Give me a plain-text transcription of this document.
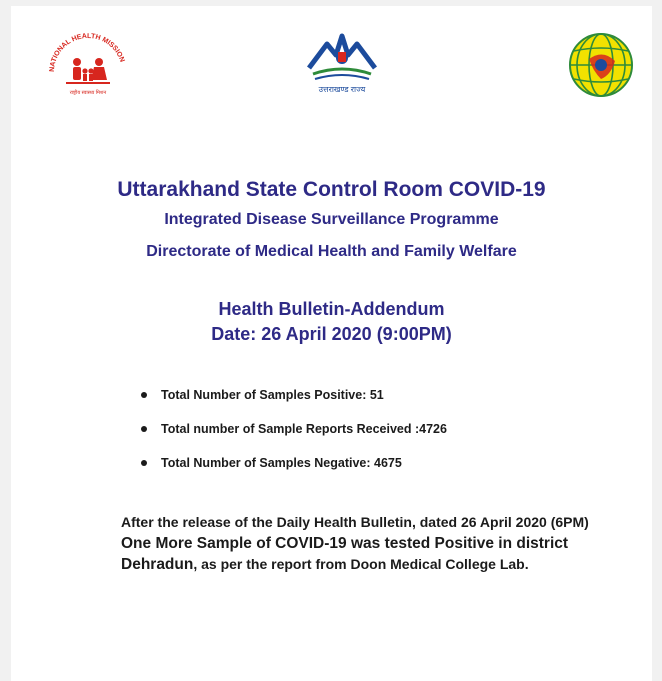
NATIONAL HEALTH MISSION
राष्ट्रीय स्वास्थ्य मिशन	उत्तराखण्ड राज्य
Uttarakhand State Control Room COVID-19
Integrated Disease Surveillance Programme
Directorate of Medical Health and Family Welfare
Health Bulletin-Addendum
Date: 26 April 2020 (9:00PM)
Total Number of Samples Positive: 51
Total number of Sample Reports Received :4726
Total Number of Samples Negative: 4675
After the release of the Daily Health Bulletin, dated 26 April 2020 (6PM) One More Sample of COVID-19 was tested Positive in district Dehradun, as per the report from Doon Medical College Lab.
